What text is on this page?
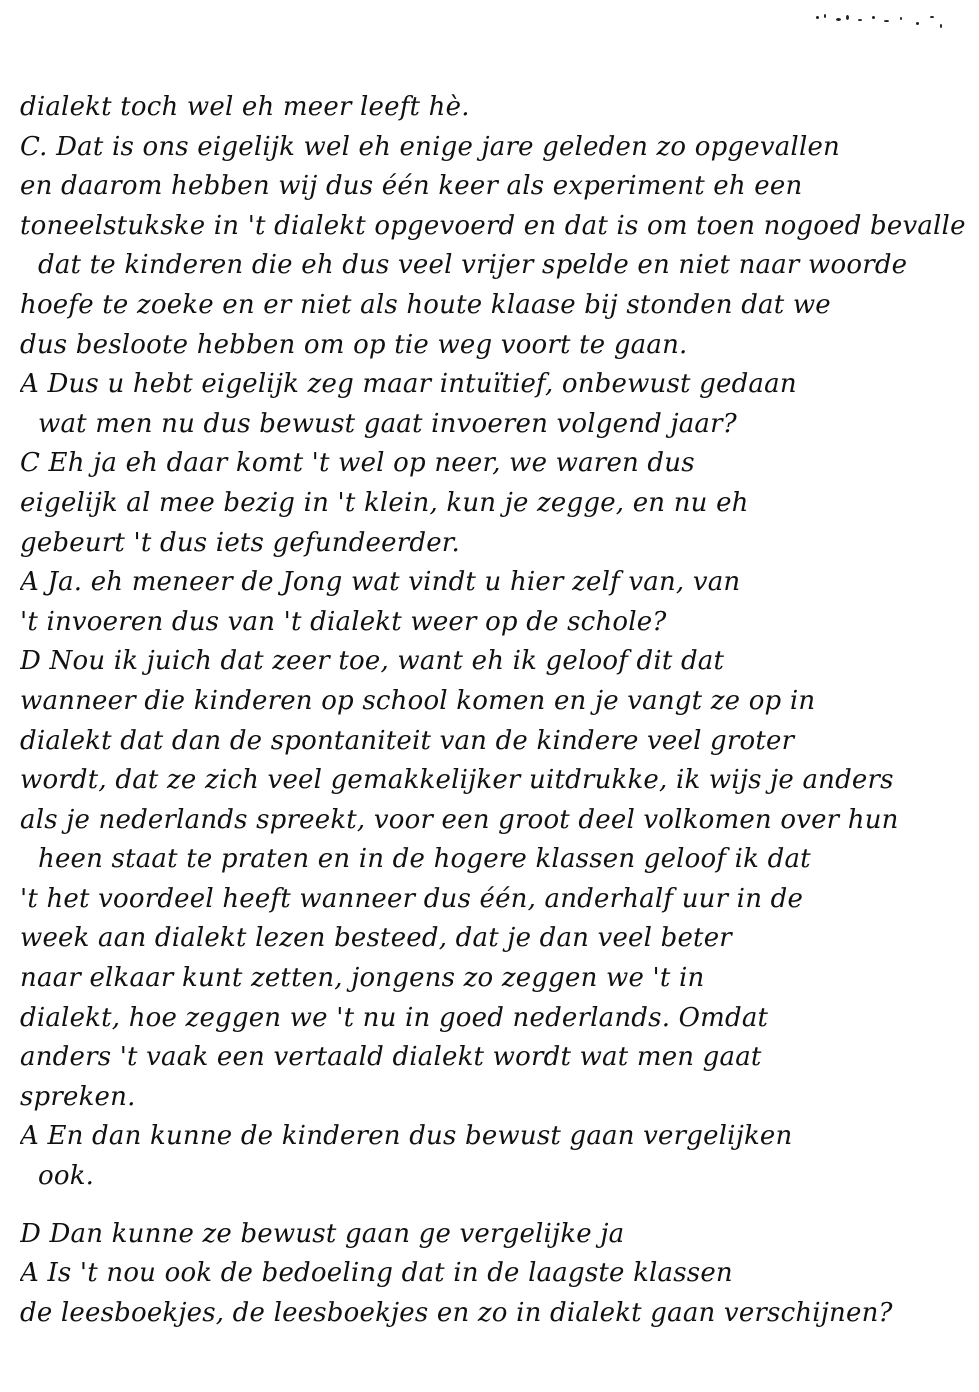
dialekt toch wel eh meer leeft hè.
C. Dat is ons eigelijk wel eh enige jare geleden zo opgevallen
en daarom hebben wij dus één keer als experiment eh een
toneelstukske in 't dialekt opgevoerd en dat is om toen nogoed bevalle
dat te kinderen die eh dus veel vrijer spelde en niet naar woorde
hoefe te zoeke en er niet als houte klaase bij stonden dat we
dus besloote hebben om op tie weg voort te gaan.
A Dus u hebt eigelijk zeg maar intuïtief, onbewust gedaan
wat men nu dus bewust gaat invoeren volgend jaar?
C Eh ja eh daar komt 't wel op neer, we waren dus
eigelijk al mee bezig in 't klein, kun je zegge, en nu eh
gebeurt 't dus iets gefundeerder.
A Ja. eh meneer de Jong wat vindt u hier zelf van, van
't invoeren dus van 't dialekt weer op de schole?
D Nou ik juich dat zeer toe, want eh ik geloof dit dat
wanneer die kinderen op school komen en je vangt ze op in
dialekt dat dan de spontaniteit van de kindere veel groter
wordt, dat ze zich veel gemakkelijker uitdrukke, ik wijs je anders
als je nederlands spreekt, voor een groot deel volkomen over hun
heen staat te praten en in de hogere klassen geloof ik dat
't het voordeel heeft wanneer dus één, anderhalf uur in de
week aan dialekt lezen besteed, dat je dan veel beter
naar elkaar kunt zetten, jongens zo zeggen we 't in
dialekt, hoe zeggen we 't nu in goed nederlands. Omdat
anders 't vaak een vertaald dialekt wordt wat men gaat
spreken.
A En dan kunne de kinderen dus bewust gaan vergelijken
ook.
D Dan kunne ze bewust gaan ge vergelijke ja
A Is 't nou ook de bedoeling dat in de laagste klassen
de leesboekjes, de leesboekjes en zo in dialekt gaan verschijnen?
